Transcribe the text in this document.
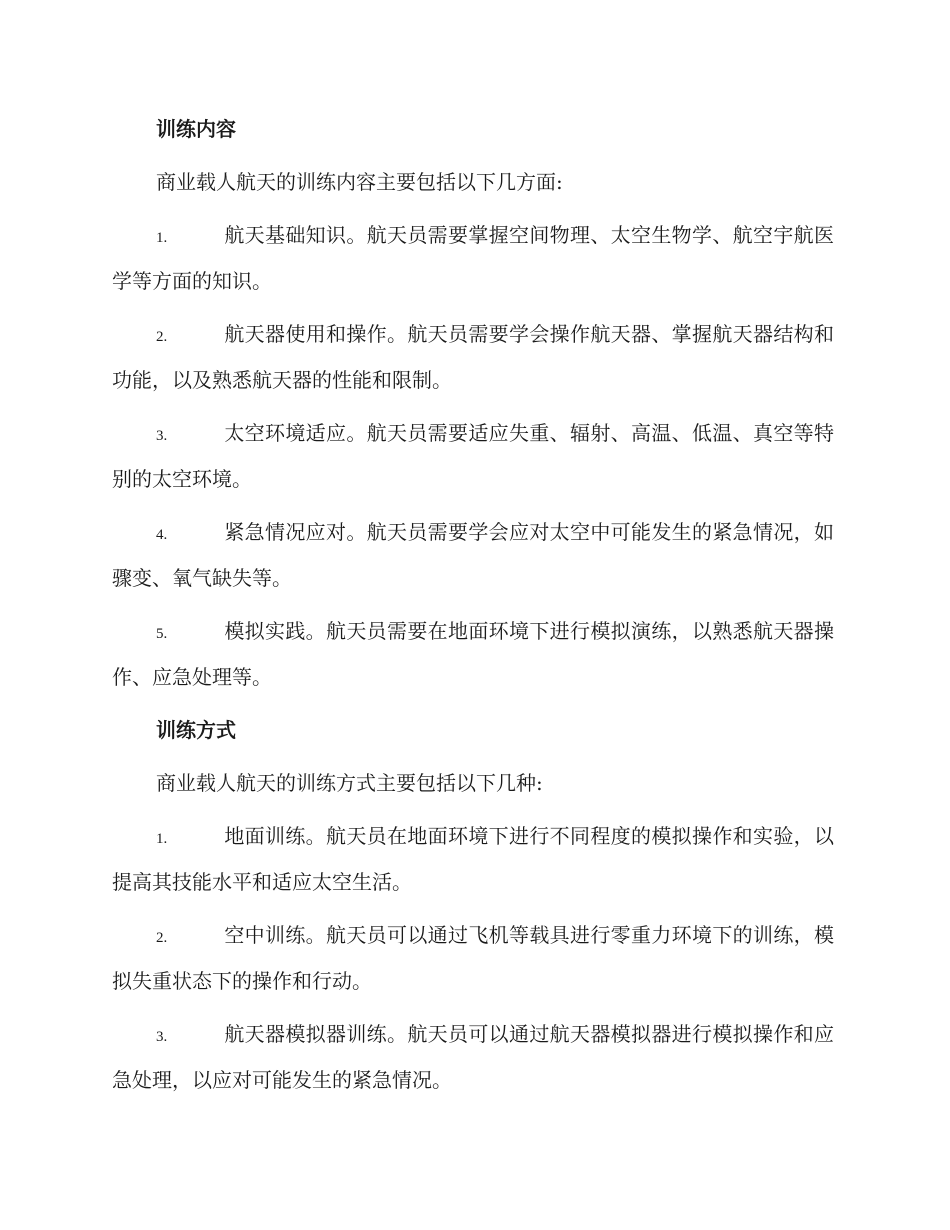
训练内容
商业载人航天的训练内容主要包括以下几方面:
1.	航天基础知识。航天员需要掌握空间物理、太空生物学、航空宇航医学等方面的知识。
2.	航天器使用和操作。航天员需要学会操作航天器、掌握航天器结构和功能，以及熟悉航天器的性能和限制。
3.	太空环境适应。航天员需要适应失重、辐射、高温、低温、真空等特别的太空环境。
4.	紧急情况应对。航天员需要学会应对太空中可能发生的紧急情况，如骤变、氧气缺失等。
5.	模拟实践。航天员需要在地面环境下进行模拟演练，以熟悉航天器操作、应急处理等。
训练方式
商业载人航天的训练方式主要包括以下几种:
1.	地面训练。航天员在地面环境下进行不同程度的模拟操作和实验，以提高其技能水平和适应太空生活。
2.	空中训练。航天员可以通过飞机等载具进行零重力环境下的训练，模拟失重状态下的操作和行动。
3.	航天器模拟器训练。航天员可以通过航天器模拟器进行模拟操作和应急处理，以应对可能发生的紧急情况。
